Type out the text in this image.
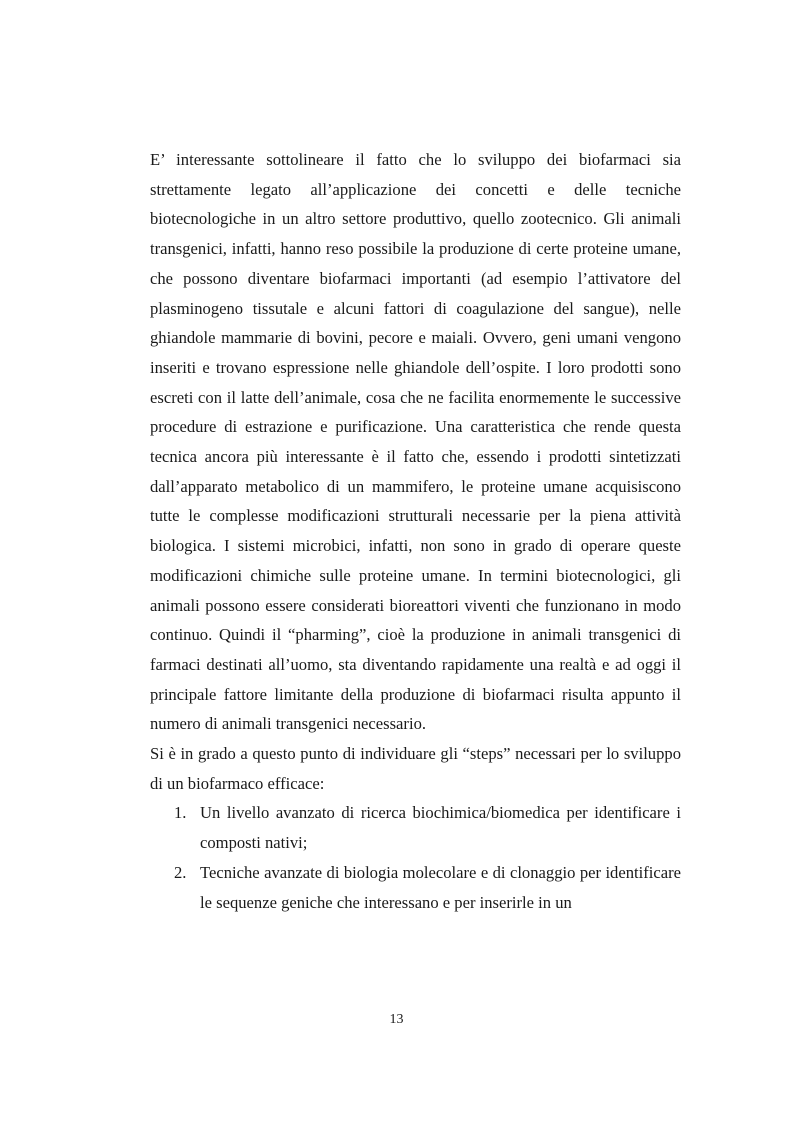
E’ interessante sottolineare il fatto che lo sviluppo dei biofarmaci sia strettamente legato all’applicazione dei concetti e delle tecniche biotecnologiche in un altro settore produttivo, quello zootecnico. Gli animali transgenici, infatti, hanno reso possibile la produzione di certe proteine umane, che possono diventare biofarmaci importanti (ad esempio l’attivatore del plasminogeno tissutale e alcuni fattori di coagulazione del sangue), nelle ghiandole mammarie di bovini, pecore e maiali. Ovvero, geni umani vengono inseriti e trovano espressione nelle ghiandole dell’ospite. I loro prodotti sono escreti con il latte dell’animale, cosa che ne facilita enormemente le successive procedure di estrazione e purificazione. Una caratteristica che rende questa tecnica ancora più interessante è il fatto che, essendo i prodotti sintetizzati dall’apparato metabolico di un mammifero, le proteine umane acquisiscono tutte le complesse modificazioni strutturali necessarie per la piena attività biologica. I sistemi microbici, infatti, non sono in grado di operare queste modificazioni chimiche sulle proteine umane. In termini biotecnologici, gli animali possono essere considerati bioreattori viventi che funzionano in modo continuo. Quindi il “pharming”, cioè la produzione in animali transgenici di farmaci destinati all’uomo, sta diventando rapidamente una realtà e ad oggi il principale fattore limitante della produzione di biofarmaci risulta appunto il numero di animali transgenici necessario.

Si è in grado a questo punto di individuare gli “steps” necessari per lo sviluppo di un biofarmaco efficace:

1. Un livello avanzato di ricerca biochimica/biomedica per identificare i composti nativi;
2. Tecniche avanzate di biologia molecolare e di clonaggio per identificare le sequenze geniche che interessano e per inserirle in un
13
